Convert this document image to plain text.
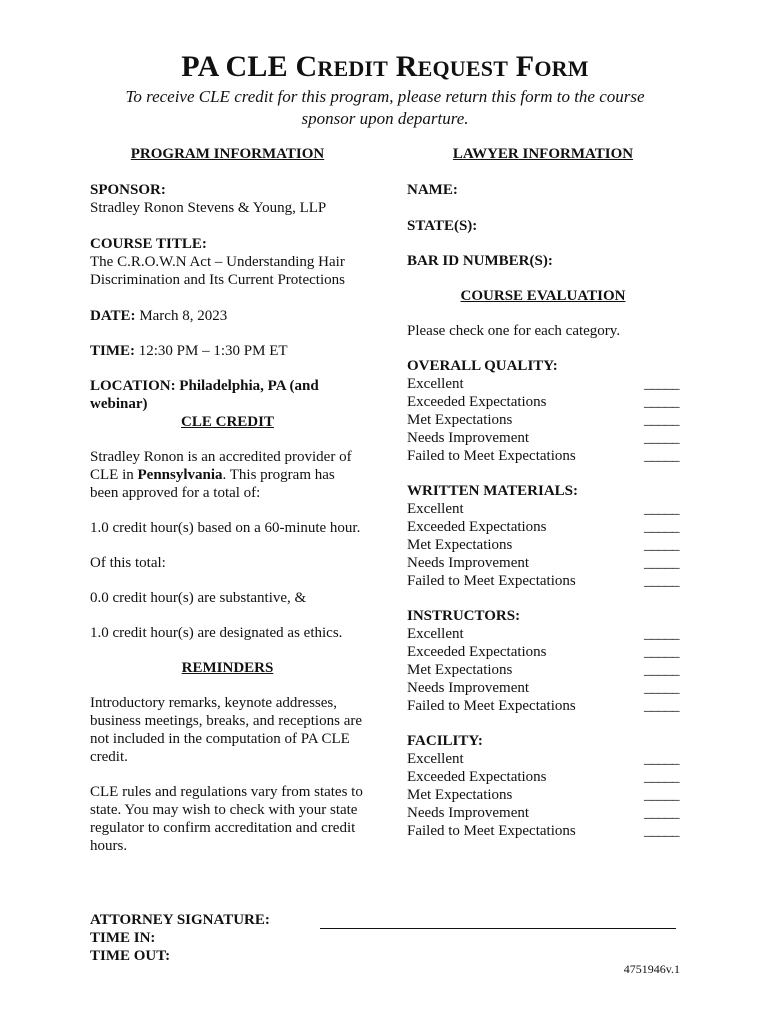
PA CLE CREDIT REQUEST FORM
To receive CLE credit for this program, please return this form to the course sponsor upon departure.
PROGRAM INFORMATION
SPONSOR:
Stradley Ronon Stevens & Young, LLP
COURSE TITLE:
The C.R.O.W.N Act – Understanding Hair Discrimination and Its Current Protections
DATE: March 8, 2023
TIME: 12:30 PM – 1:30 PM ET
LOCATION: Philadelphia, PA (and webinar)
CLE CREDIT
Stradley Ronon is an accredited provider of CLE in Pennsylvania. This program has been approved for a total of:
1.0 credit hour(s) based on a 60-minute hour.
Of this total:
0.0 credit hour(s) are substantive, &
1.0 credit hour(s) are designated as ethics.
REMINDERS
Introductory remarks, keynote addresses, business meetings, breaks, and receptions are not included in the computation of PA CLE credit.
CLE rules and regulations vary from states to state. You may wish to check with your state regulator to confirm accreditation and credit hours.
LAWYER INFORMATION
NAME:
STATE(S):
BAR ID NUMBER(S):
COURSE EVALUATION
Please check one for each category.
OVERALL QUALITY:
Excellent	_____
Exceeded Expectations	_____
Met Expectations	_____
Needs Improvement	_____
Failed to Meet Expectations	_____
WRITTEN MATERIALS:
Excellent	_____
Exceeded Expectations	_____
Met Expectations	_____
Needs Improvement	_____
Failed to Meet Expectations	_____
INSTRUCTORS:
Excellent	_____
Exceeded Expectations	_____
Met Expectations	_____
Needs Improvement	_____
Failed to Meet Expectations	_____
FACILITY:
Excellent	_____
Exceeded Expectations	_____
Met Expectations	_____
Needs Improvement	_____
Failed to Meet Expectations	_____
ATTORNEY SIGNATURE:
TIME IN:
TIME OUT:
4751946v.1
